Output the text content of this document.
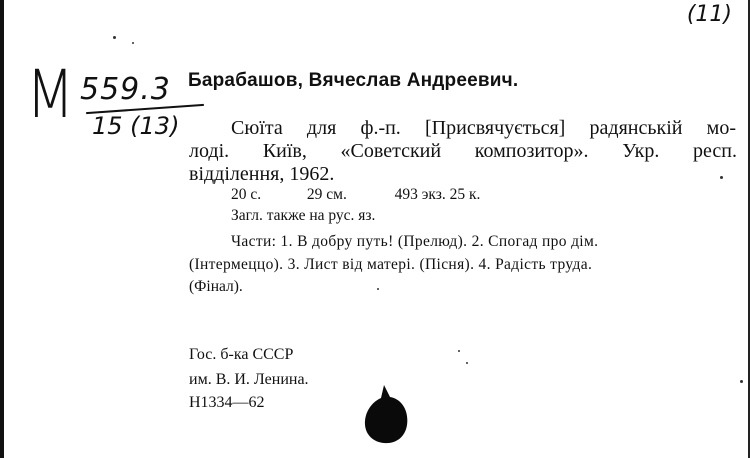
М 559.3
15 (13)
(11)
Барабашов, Вячеслав Андреевич.
Сюїта для ф.-п. [Присвячується] радянській мо-
лоді. Київ, «Советский композитор». Укр. респ.
відділення, 1962.
20 с.	29 см.	493 экз. 25 к.
Загл. также на рус. яз.
Части: 1. В добру путь! (Прелюд). 2. Спогад про дім.
(Інтермеццо). 3. Лист від матері. (Пісня). 4. Радість труда.
(Фінал).
Гос. б-ка СССР
им. В. И. Ленина.
Н1334—62
